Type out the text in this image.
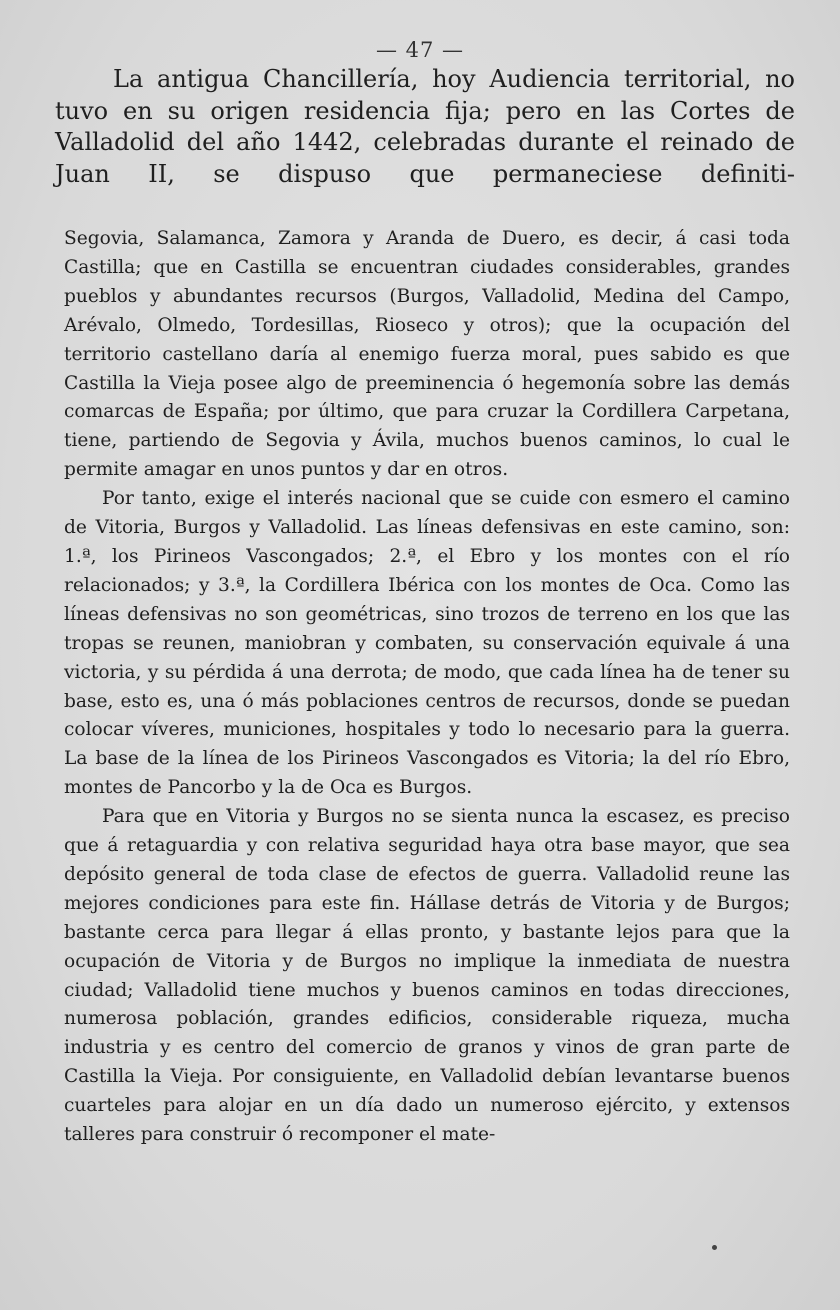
— 47 —

La antigua Chancillería, hoy Audiencia territorial, no tuvo en su origen residencia fija; pero en las Cortes de Valladolid del año 1442, celebradas durante el reinado de Juan II, se dispuso que permaneciese definiti-

Segovia, Salamanca, Zamora y Aranda de Duero, es decir, á casi toda Castilla; que en Castilla se encuentran ciudades considerables, grandes pueblos y abundantes recursos (Burgos, Valladolid, Medina del Campo, Arévalo, Olmedo, Tordesillas, Rioseco y otros); que la ocupación del territorio castellano daría al enemigo fuerza moral, pues sabido es que Castilla la Vieja posee algo de preeminencia ó hegemonía sobre las demás comarcas de España; por último, que para cruzar la Cordillera Carpetana, tiene, partiendo de Segovia y Ávila, muchos buenos caminos, lo cual le permite amagar en unos puntos y dar en otros.

Por tanto, exige el interés nacional que se cuide con esmero el camino de Vitoria, Burgos y Valladolid. Las líneas defensivas en este camino, son: 1.ª, los Pirineos Vascongados; 2.ª, el Ebro y los montes con el río relacionados; y 3.ª, la Cordillera Ibérica con los montes de Oca. Como las líneas defensivas no son geométricas, sino trozos de terreno en los que las tropas se reunen, maniobran y combaten, su conservación equivale á una victoria, y su pérdida á una derrota; de modo, que cada línea ha de tener su base, esto es, una ó más poblaciones centros de recursos, donde se puedan colocar víveres, municiones, hospitales y todo lo necesario para la guerra. La base de la línea de los Pirineos Vascongados es Vitoria; la del río Ebro, montes de Pancorbo y la de Oca es Burgos.

Para que en Vitoria y Burgos no se sienta nunca la escasez, es preciso que á retaguardia y con relativa seguridad haya otra base mayor, que sea depósito general de toda clase de efectos de guerra. Valladolid reune las mejores condiciones para este fin. Hállase detrás de Vitoria y de Burgos; bastante cerca para llegar á ellas pronto, y bastante lejos para que la ocupación de Vitoria y de Burgos no implique la inmediata de nuestra ciudad; Valladolid tiene muchos y buenos caminos en todas direcciones, numerosa población, grandes edificios, considerable riqueza, mucha industria y es centro del comercio de granos y vinos de gran parte de Castilla la Vieja. Por consiguiente, en Valladolid debían levantarse buenos cuarteles para alojar en un día dado un numeroso ejército, y extensos talleres para construir ó recomponer el mate-
